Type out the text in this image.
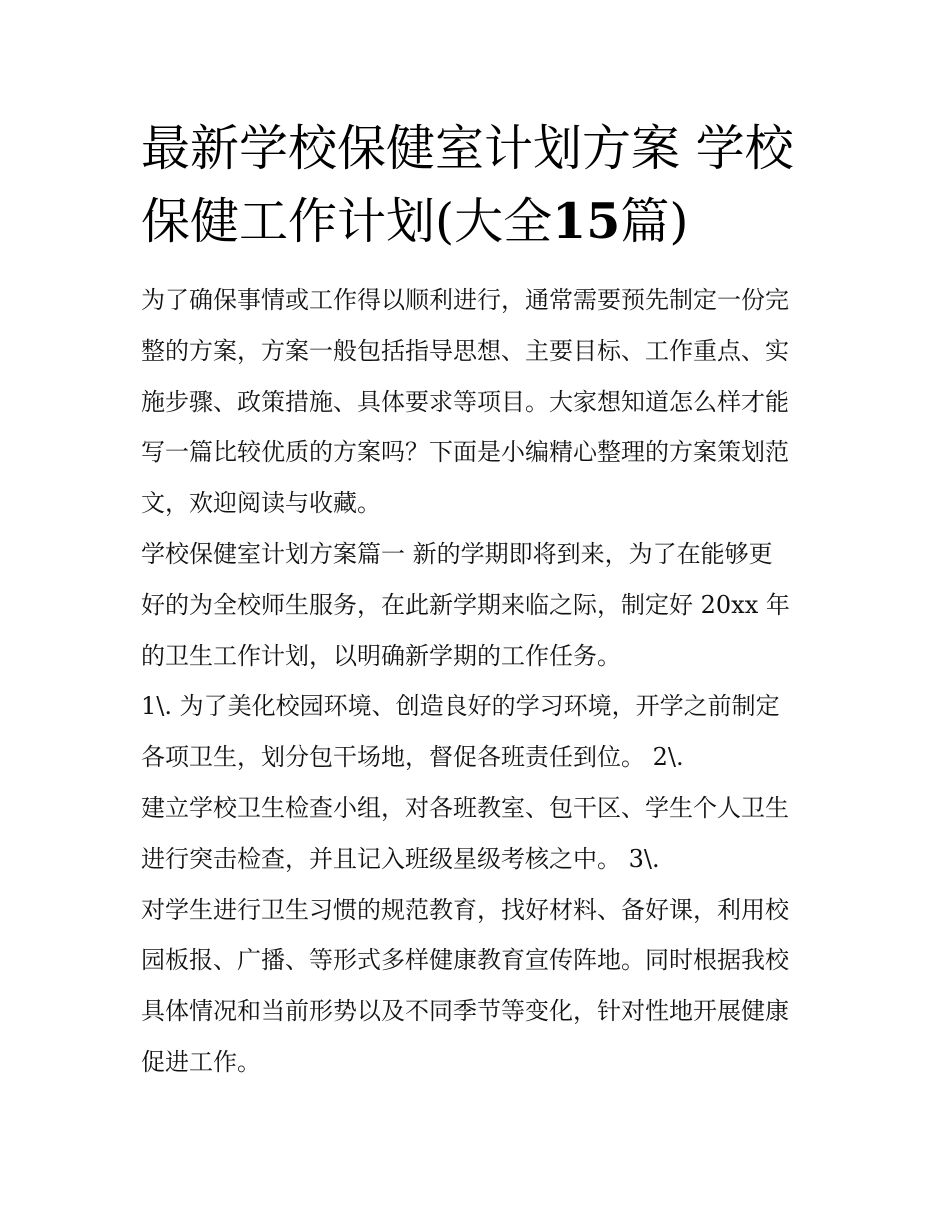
最新学校保健室计划方案 学校
保健工作计划(大全15篇)

为了确保事情或工作得以顺利进行，通常需要预先制定一份完

整的方案，方案一般包括指导思想、主要目标、工作重点、实

施步骤、政策措施、具体要求等项目。大家想知道怎么样才能

写一篇比较优质的方案吗？下面是小编精心整理的方案策划范

文，欢迎阅读与收藏。

学校保健室计划方案篇一 新的学期即将到来，为了在能够更

好的为全校师生服务，在此新学期来临之际，制定好 20xx 年

的卫生工作计划，以明确新学期的工作任务。

1\. 为了美化校园环境、创造良好的学习环境，开学之前制定

各项卫生，划分包干场地，督促各班责任到位。 2\.

建立学校卫生检查小组，对各班教室、包干区、学生个人卫生

进行突击检查，并且记入班级星级考核之中。 3\.

对学生进行卫生习惯的规范教育，找好材料、备好课，利用校

园板报、广播、等形式多样健康教育宣传阵地。同时根据我校

具体情况和当前形势以及不同季节等变化，针对性地开展健康

促进工作。
